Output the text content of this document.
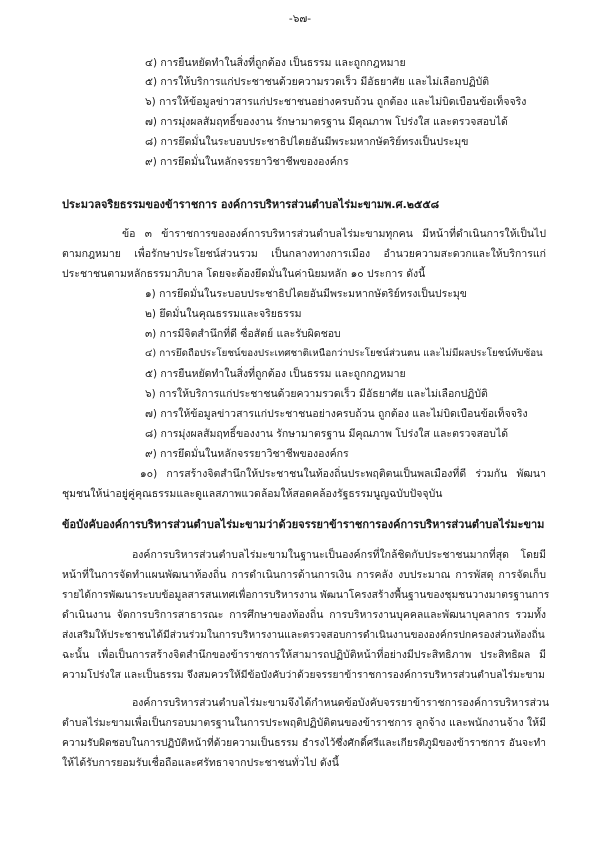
-๖๗-
๔) การยืนหยัดทำในสิ่งที่ถูกต้อง เป็นธรรม และถูกกฎหมาย
๕) การให้บริการแก่ประชาชนด้วยความรวดเร็ว มีอัธยาศัย และไม่เลือกปฏิบัติ
๖) การให้ข้อมูลข่าวสารแก่ประชาชนอย่างครบถ้วน ถูกต้อง และไม่บิดเบือนข้อเท็จจริง
๗) การมุ่งผลสัมฤทธิ์ของงาน รักษามาตรฐาน มีคุณภาพ โปร่งใส และตรวจสอบได้
๘) การยึดมั่นในระบอบประชาธิปไตยอันมีพระมหากษัตริย์ทรงเป็นประมุข
๙) การยึดมั่นในหลักจรรยาวิชาชีพขององค์กร
ประมวลจริยธรรมของข้าราชการ องค์การบริหารส่วนตำบลไร่มะขามพ.ศ.๒๕๕๘
ข้อ ๓ ข้าราชการขององค์การบริหารส่วนตำบลไร่มะขามทุกคน มีหน้าที่ดำเนินการให้เป็นไป
ตามกฎหมาย เพื่อรักษาประโยชน์ส่วนรวม เป็นกลางทางการเมือง อำนวยความสะดวกและให้บริการแก่
ประชาชนตามหลักธรรมาภิบาล โดยจะต้องยึดมั่นในค่านิยมหลัก ๑๐ ประการ ดังนี้
๑) การยึดมั่นในระบอบประชาธิปไตยอันมีพระมหากษัตริย์ทรงเป็นประมุข
๒) ยึดมั่นในคุณธรรมและจริยธรรม
๓) การมีจิตสำนึกที่ดี ซื่อสัตย์ และรับผิดชอบ
๔) การยึดถือประโยชน์ของประเทศชาติเหนือกว่าประโยชน์ส่วนตน และไม่มีผลประโยชน์ทับซ้อน
๕) การยืนหยัดทำในสิ่งที่ถูกต้อง เป็นธรรม และถูกกฎหมาย
๖) การให้บริการแก่ประชาชนด้วยความรวดเร็ว มีอัธยาศัย และไม่เลือกปฏิบัติ
๗) การให้ข้อมูลข่าวสารแก่ประชาชนอย่างครบถ้วน ถูกต้อง และไม่บิดเบือนข้อเท็จจริง
๘) การมุ่งผลสัมฤทธิ์ของงาน รักษามาตรฐาน มีคุณภาพ โปร่งใส และตรวจสอบได้
๙) การยึดมั่นในหลักจรรยาวิชาชีพขององค์กร
๑๐) การสร้างจิตสำนึกให้ประชาชนในท้องถิ่นประพฤติตนเป็นพลเมืองที่ดี ร่วมกัน พัฒนา
ชุมชนให้น่าอยู่คู่คุณธรรมและดูแลสภาพแวดล้อมให้สอดคล้องรัฐธรรมนูญฉบับปัจจุบัน
ข้อบังคับองค์การบริหารส่วนตำบลไร่มะขามว่าด้วยจรรยาข้าราชการองค์การบริหารส่วนตำบลไร่มะขาม
องค์การบริหารส่วนตำบลไร่มะขามในฐานะเป็นองค์กรที่ใกล้ชิดกับประชาชนมากที่สุด โดยมี
หน้าที่ในการจัดทำแผนพัฒนาท้องถิ่น การดำเนินการด้านการเงิน การคลัง งบประมาณ การพัสดุ การจัดเก็บ
รายได้การพัฒนาระบบข้อมูลสารสนเทศเพื่อการบริหารงาน พัฒนาโครงสร้างพื้นฐานของชุมชนวางมาตรฐานการ
ดำเนินงาน จัดการบริการสาธารณะ การศึกษาของท้องถิ่น การบริหารงานบุคคลและพัฒนาบุคลากร รวมทั้ง
ส่งเสริมให้ประชาชนได้มีส่วนร่วมในการบริหารงานและตรวจสอบการดำเนินงานขององค์กรปกครองส่วนท้องถิ่น
ฉะนั้น เพื่อเป็นการสร้างจิตสำนึกของข้าราชการให้สามารถปฏิบัติหน้าที่อย่างมีประสิทธิภาพ ประสิทธิผล มี
ความโปร่งใส และเป็นธรรม จึงสมควรให้มีข้อบังคับว่าด้วยจรรยาข้าราชการองค์การบริหารส่วนตำบลไร่มะขาม
องค์การบริหารส่วนตำบลไร่มะขามจึงได้กำหนดข้อบังคับจรรยาข้าราชการองค์การบริหารส่วน
ตำบลไร่มะขามเพื่อเป็นกรอบมาตรฐานในการประพฤติปฏิบัติตนของข้าราชการ ลูกจ้าง และพนักงานจ้าง ให้มี
ความรับผิดชอบในการปฏิบัติหน้าที่ด้วยความเป็นธรรม ธำรงไว้ซึ่งศักดิ์ศรีและเกียรติภูมิของข้าราชการ อันจะทำ
ให้ได้รับการยอมรับเชื่อถือและศรัทธาจากประชาชนทั่วไป ดังนี้
